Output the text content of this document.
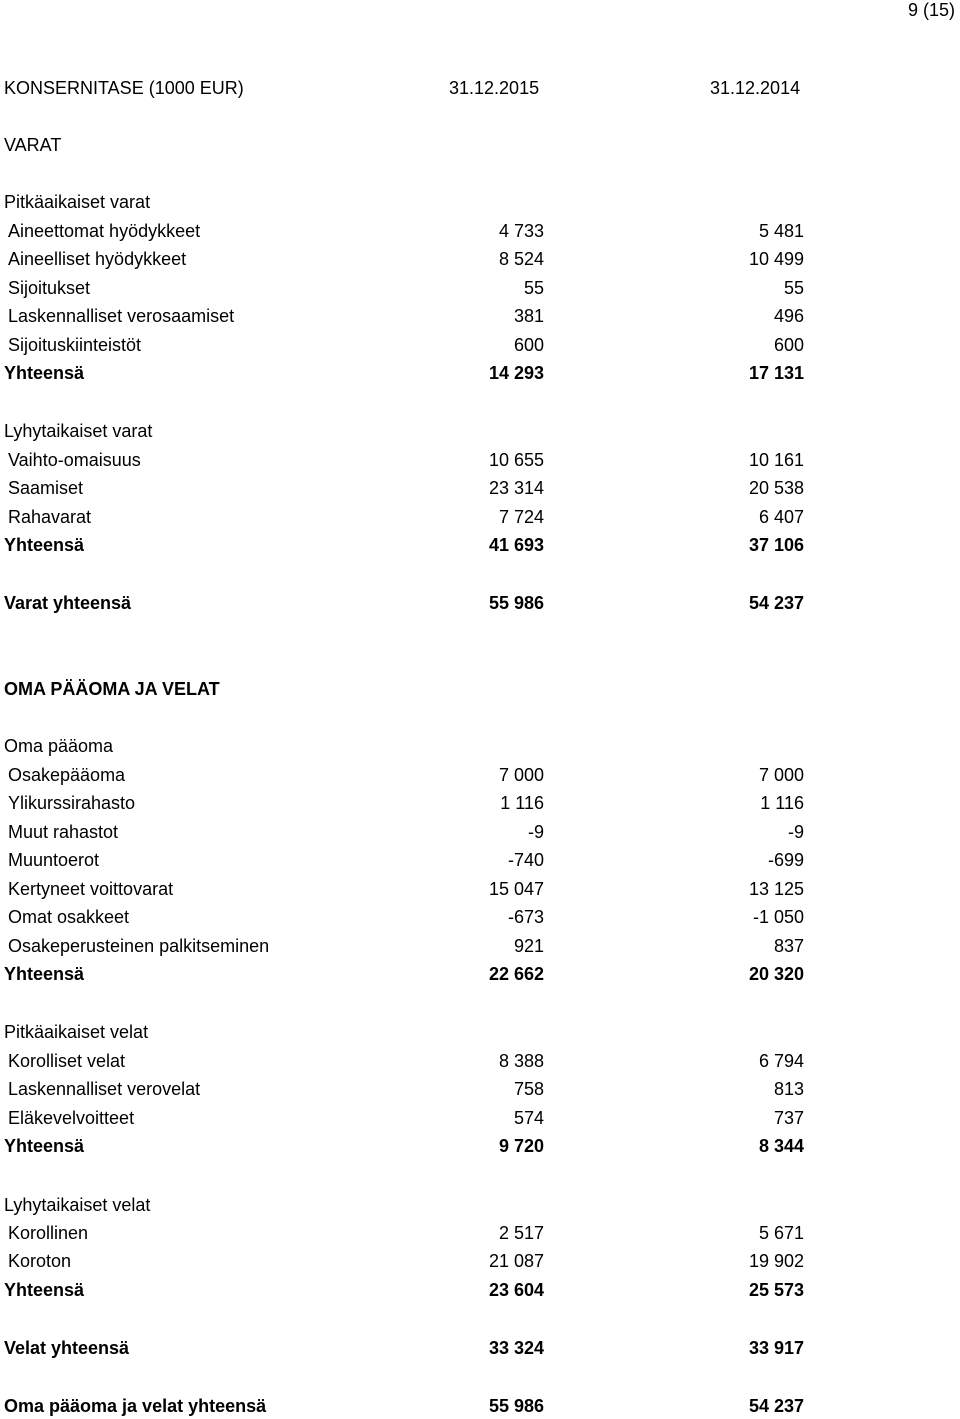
9 (15)
KONSERNITASE (1000 EUR)	31.12.2015	31.12.2014
VARAT
Pitkäaikaiset varat
Aineettomat hyödykkeet	4 733	5 481
Aineelliset hyödykkeet	8 524	10 499
Sijoitukset	55	55
Laskennalliset verosaamiset	381	496
Sijoituskiinteistöt	600	600
Yhteensä	14 293	17 131
Lyhytaikaiset varat
Vaihto-omaisuus	10 655	10 161
Saamiset	23 314	20 538
Rahavarat	7 724	6 407
Yhteensä	41 693	37 106
Varat yhteensä	55 986	54 237
OMA PÄÄOMA JA VELAT
Oma pääoma
Osakepääoma	7 000	7 000
Ylikurssirahasto	1 116	1 116
Muut rahastot	-9	-9
Muuntoerot	-740	-699
Kertyneet voittovarat	15 047	13 125
Omat osakkeet	-673	-1 050
Osakeperusteinen palkitseminen	921	837
Yhteensä	22 662	20 320
Pitkäaikaiset velat
Korolliset velat	8 388	6 794
Laskennalliset verovelat	758	813
Eläkevelvoitteet	574	737
Yhteensä	9 720	8 344
Lyhytaikaiset velat
Korollinen	2 517	5 671
Koroton	21 087	19 902
Yhteensä	23 604	25 573
Velat yhteensä	33 324	33 917
Oma pääoma ja velat yhteensä	55 986	54 237
